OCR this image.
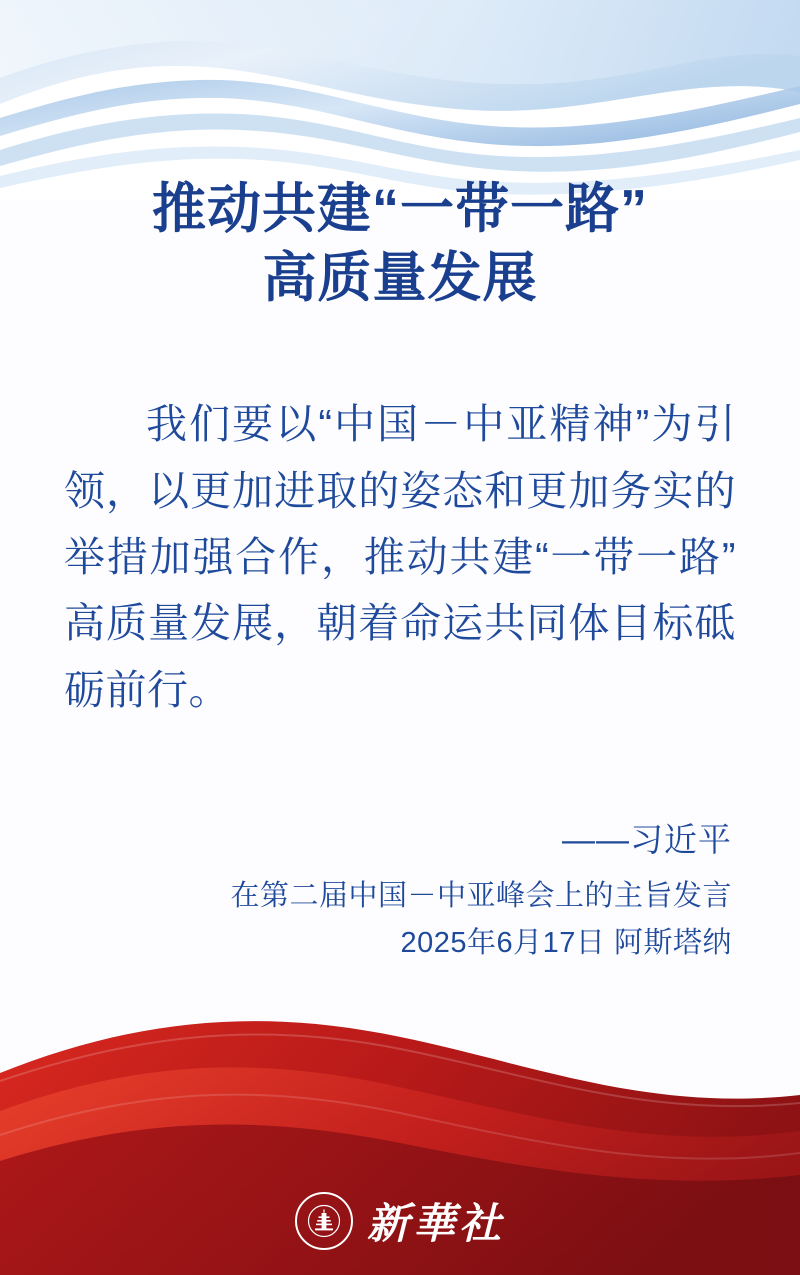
推动共建“一带一路”
高质量发展

我们要以“中国－中亚精神”为引领，以更加进取的姿态和更加务实的举措加强合作，推动共建“一带一路”高质量发展，朝着命运共同体目标砥砺前行。

——习近平
在第二届中国－中亚峰会上的主旨发言
2025年6月17日 阿斯塔纳
新華社
